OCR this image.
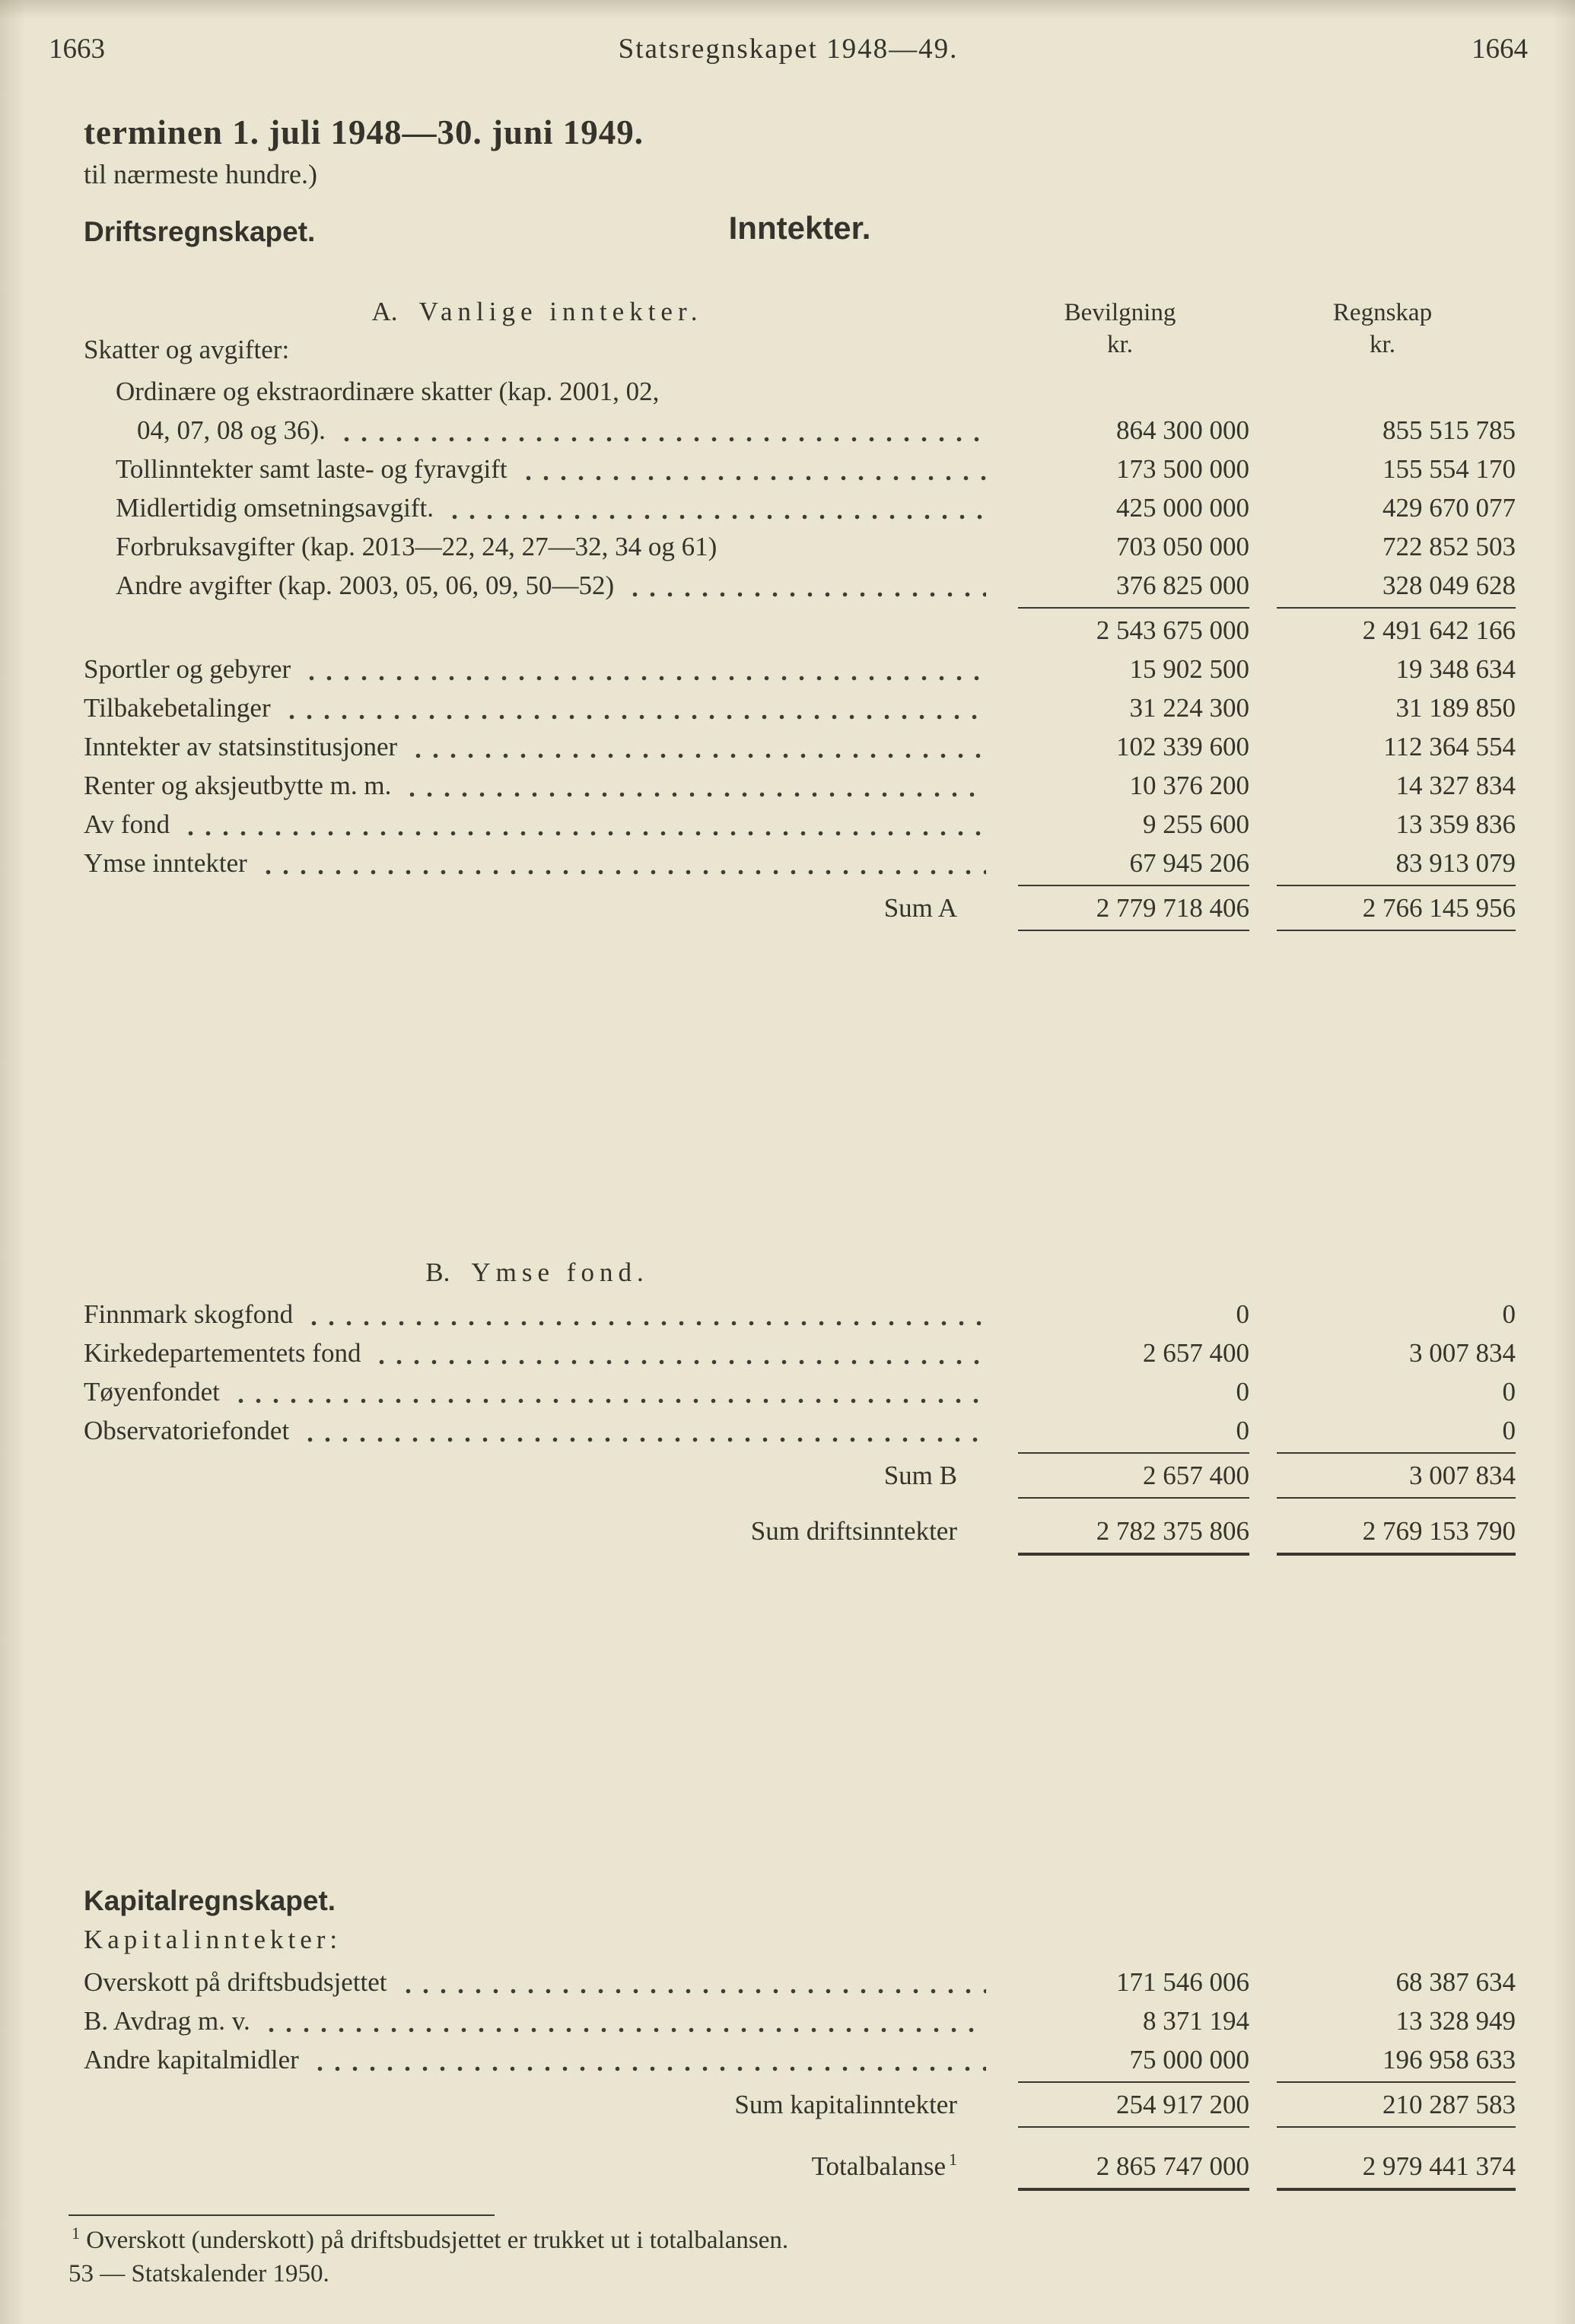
1663	Statsregnskapet 1948—49.	1664
terminen 1. juli 1948—30. juni 1949.
til nærmeste hundre.)
Driftsregnskapet.	Inntekter.
A. Vanlige inntekter.
Skatter og avgifter:
Bevilgning
kr.
Regnskap
kr.
Ordinære og ekstraordinære skatter (kap. 2001, 02,
04, 07, 08 og 36).	864 300 000	855 515 785
Tollinntekter samt laste- og fyravgift	173 500 000	155 554 170
Midlertidig omsetningsavgift.	425 000 000	429 670 077
Forbruksavgifter (kap. 2013—22, 24, 27—32, 34 og 61)	703 050 000	722 852 503
Andre avgifter (kap. 2003, 05, 06, 09, 50—52)	376 825 000	328 049 628
2 543 675 000	2 491 642 166
Sportler og gebyrer	15 902 500	19 348 634
Tilbakebetalinger	31 224 300	31 189 850
Inntekter av statsinstitusjoner	102 339 600	112 364 554
Renter og aksjeutbytte m. m.	10 376 200	14 327 834
Av fond	9 255 600	13 359 836
Ymse inntekter	67 945 206	83 913 079
Sum A	2 779 718 406	2 766 145 956
B. Ymse fond.
Finnmark skogfond	0	0
Kirkedepartementets fond	2 657 400	3 007 834
Tøyenfondet	0	0
Observatoriefondet	0	0
Sum B	2 657 400	3 007 834
Sum driftsinntekter	2 782 375 806	2 769 153 790
Kapitalregnskapet.
Kapitalinntekter:
Overskott på driftsbudsjettet	171 546 006	68 387 634
B. Avdrag m. v.	8 371 194	13 328 949
Andre kapitalmidler	75 000 000	196 958 633
Sum kapitalinntekter	254 917 200	210 287 583
Totalbalanse $^1$	2 865 747 000	2 979 441 374
$^1$ Overskott (underskott) på driftsbudsjettet er trukket ut i totalbalansen.
53 — Statskalender 1950.
